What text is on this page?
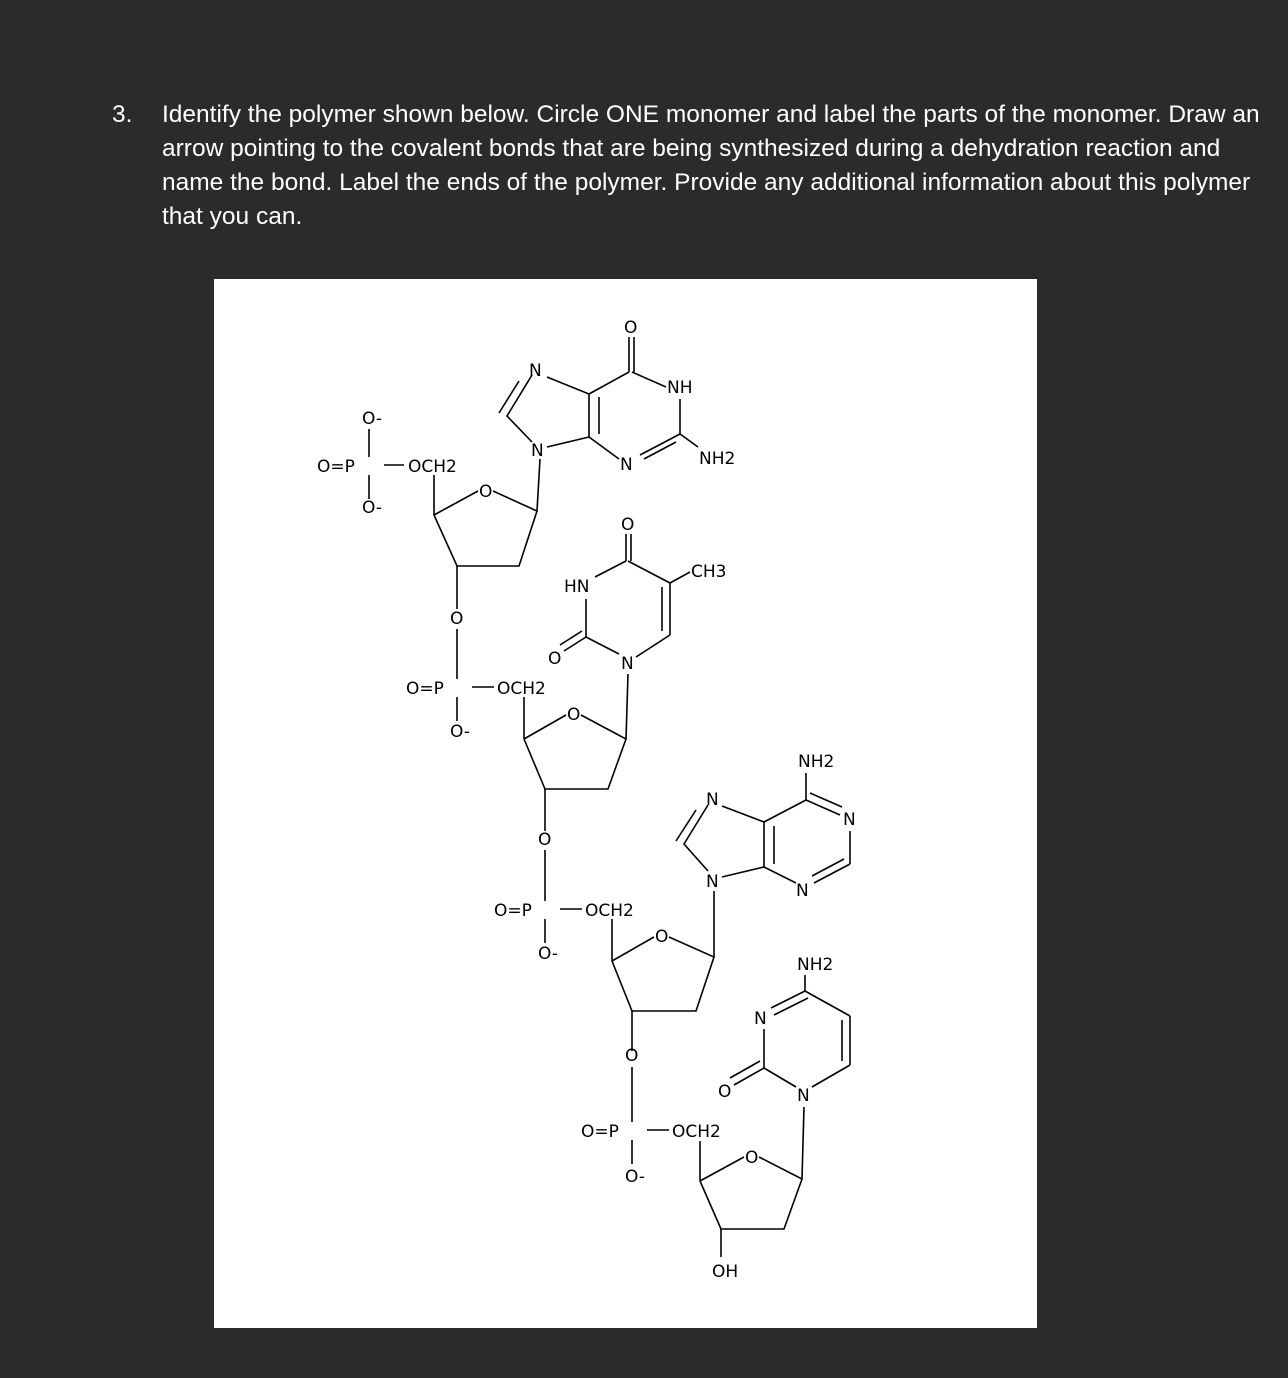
3.	Identify the polymer shown below. Circle ONE monomer and label the parts of the monomer. Draw an arrow pointing to the covalent bonds that are being synthesized during a dehydration reaction and name the bond. Label the ends of the polymer. Provide any additional information about this polymer that you can.
O-
O=P	OCH2
O-
O
N
N
O
NH
NH2
N
O
O=P	OCH2
O-
O
N
O
HN
O
CH3
O
O=P	OCH2
O-
O
N
N
NH2
N
N
O
O=P	OCH2
O-
O
OH
N
O
N
NH2
